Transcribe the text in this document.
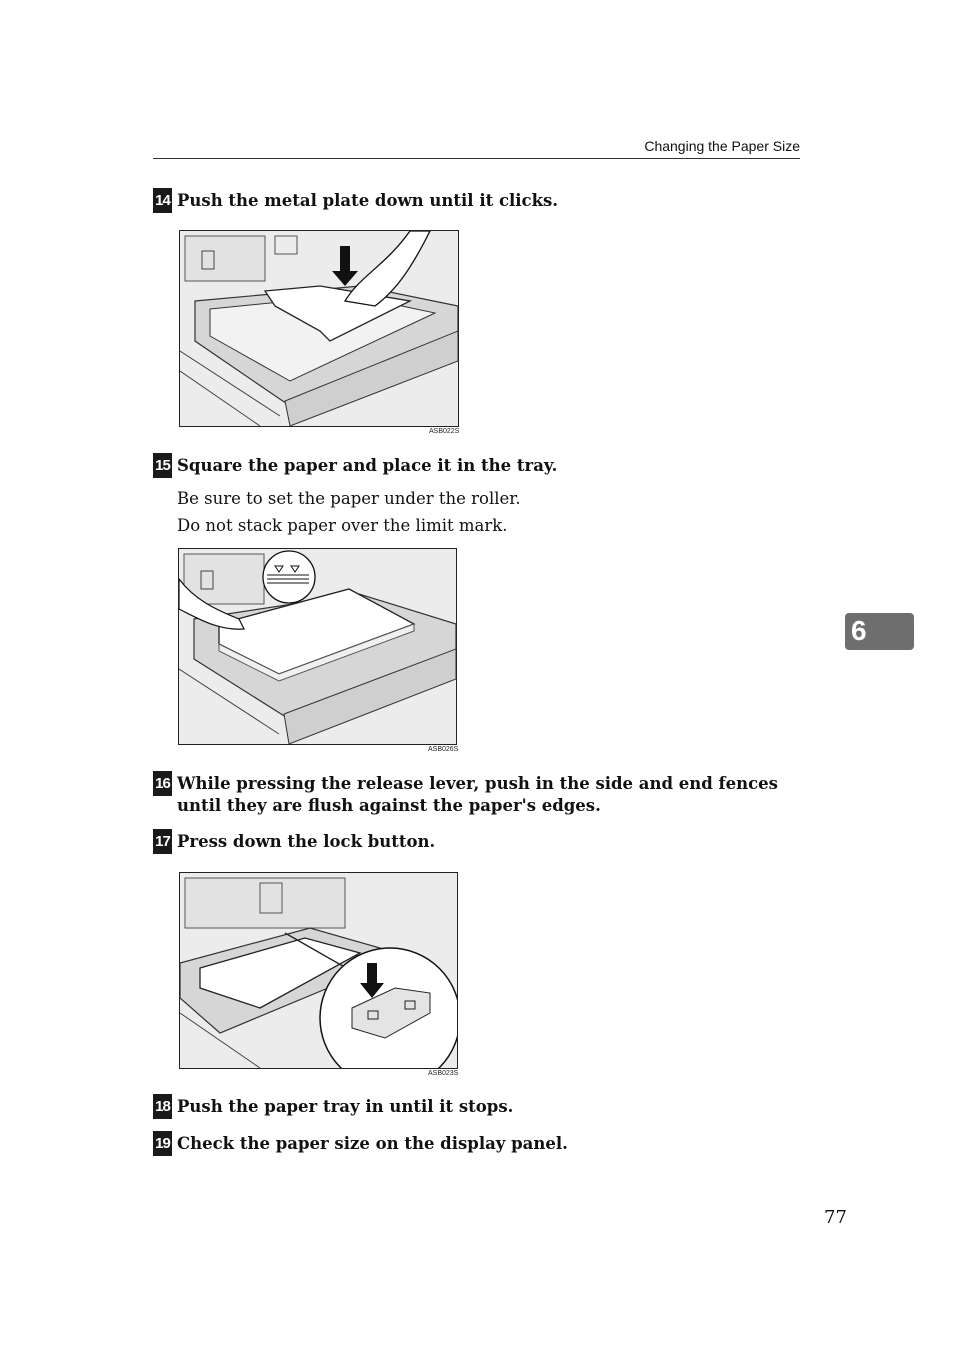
Changing the Paper Size
14 Push the metal plate down until it clicks.
ASB022S
15 Square the paper and place it in the tray.
Be sure to set the paper under the roller.
Do not stack paper over the limit mark.
ASB026S
16 While pressing the release lever, push in the side and end fences until they are flush against the paper's edges.
17 Press down the lock button.
ASB023S
18 Push the paper tray in until it stops.
19 Check the paper size on the display panel.
6
77
